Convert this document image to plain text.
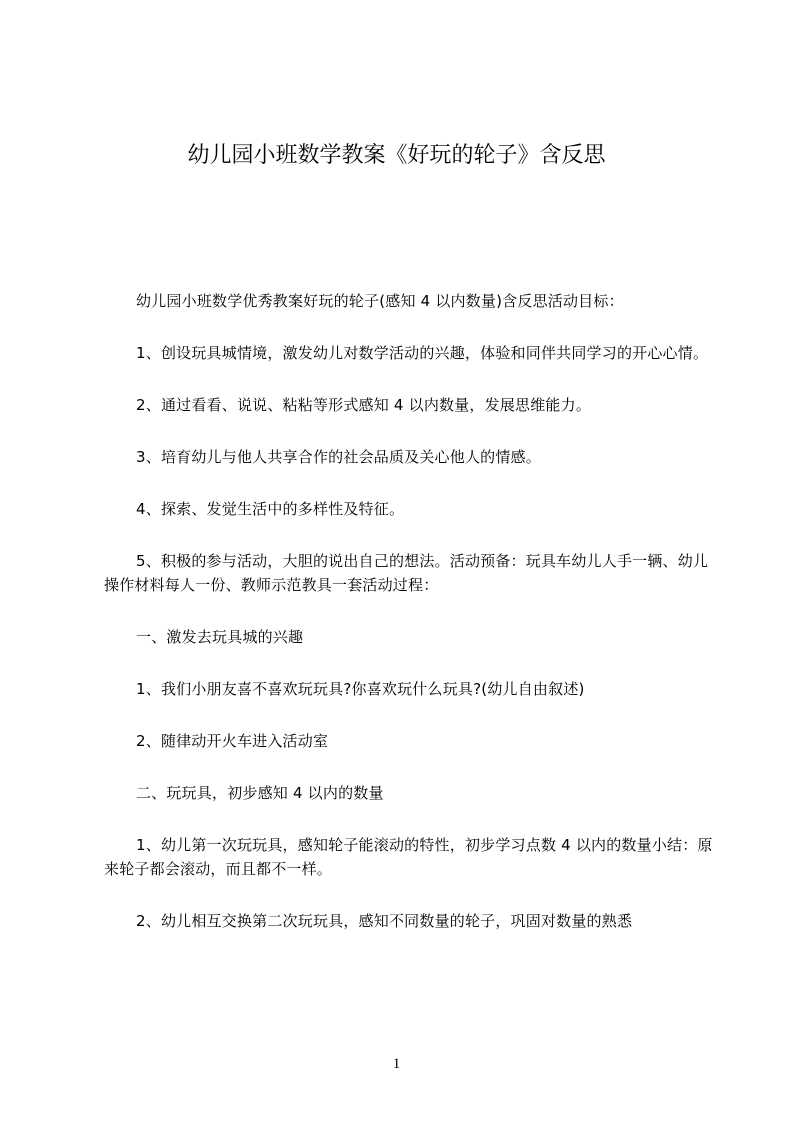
幼儿园小班数学教案《好玩的轮子》含反思

幼儿园小班数学优秀教案好玩的轮子(感知 4 以内数量)含反思活动目标：

1、创设玩具城情境，激发幼儿对数学活动的兴趣，体验和同伴共同学习的开心心情。

2、通过看看、说说、粘粘等形式感知 4 以内数量，发展思维能力。

3、培育幼儿与他人共享合作的社会品质及关心他人的情感。

4、探索、发觉生活中的多样性及特征。

5、积极的参与活动，大胆的说出自己的想法。活动预备：玩具车幼儿人手一辆、幼儿操作材料每人一份、教师示范教具一套活动过程：

一、激发去玩具城的兴趣

1、我们小朋友喜不喜欢玩玩具?你喜欢玩什么玩具?(幼儿自由叙述)

2、随律动开火车进入活动室

二、玩玩具，初步感知 4 以内的数量

1、幼儿第一次玩玩具，感知轮子能滚动的特性，初步学习点数 4 以内的数量小结：原来轮子都会滚动，而且都不一样。

2、幼儿相互交换第二次玩玩具，感知不同数量的轮子，巩固对数量的熟悉

1
